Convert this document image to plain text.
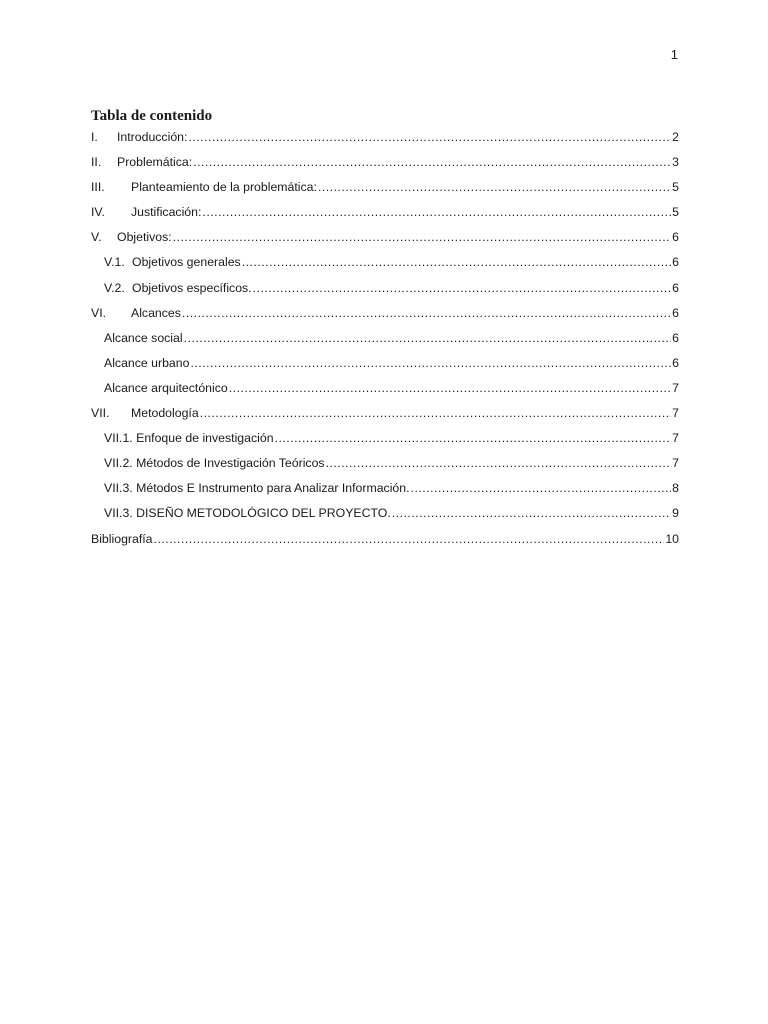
1
Tabla de contenido
I.	Introducción: .....	2
II.	Problemática: .....	3
III.	Planteamiento de la problemática: .....	5
IV.	Justificación: .....	5
V.	Objetivos: .....	6
V.1. Objetivos generales .....	6
V.2. Objetivos específicos. .....	6
VI.	Alcances .....	6
Alcance social .....	6
Alcance urbano .....	6
Alcance arquitectónico .....	7
VII.	Metodología .....	7
VII.1. Enfoque de investigación .....	7
VII.2. Métodos de Investigación Teóricos .....	7
VII.3. Métodos E Instrumento para Analizar Información. .....	8
VII.3. DISEÑO METODOLÓGICO DEL PROYECTO. .....	9
Bibliografía .....	10
